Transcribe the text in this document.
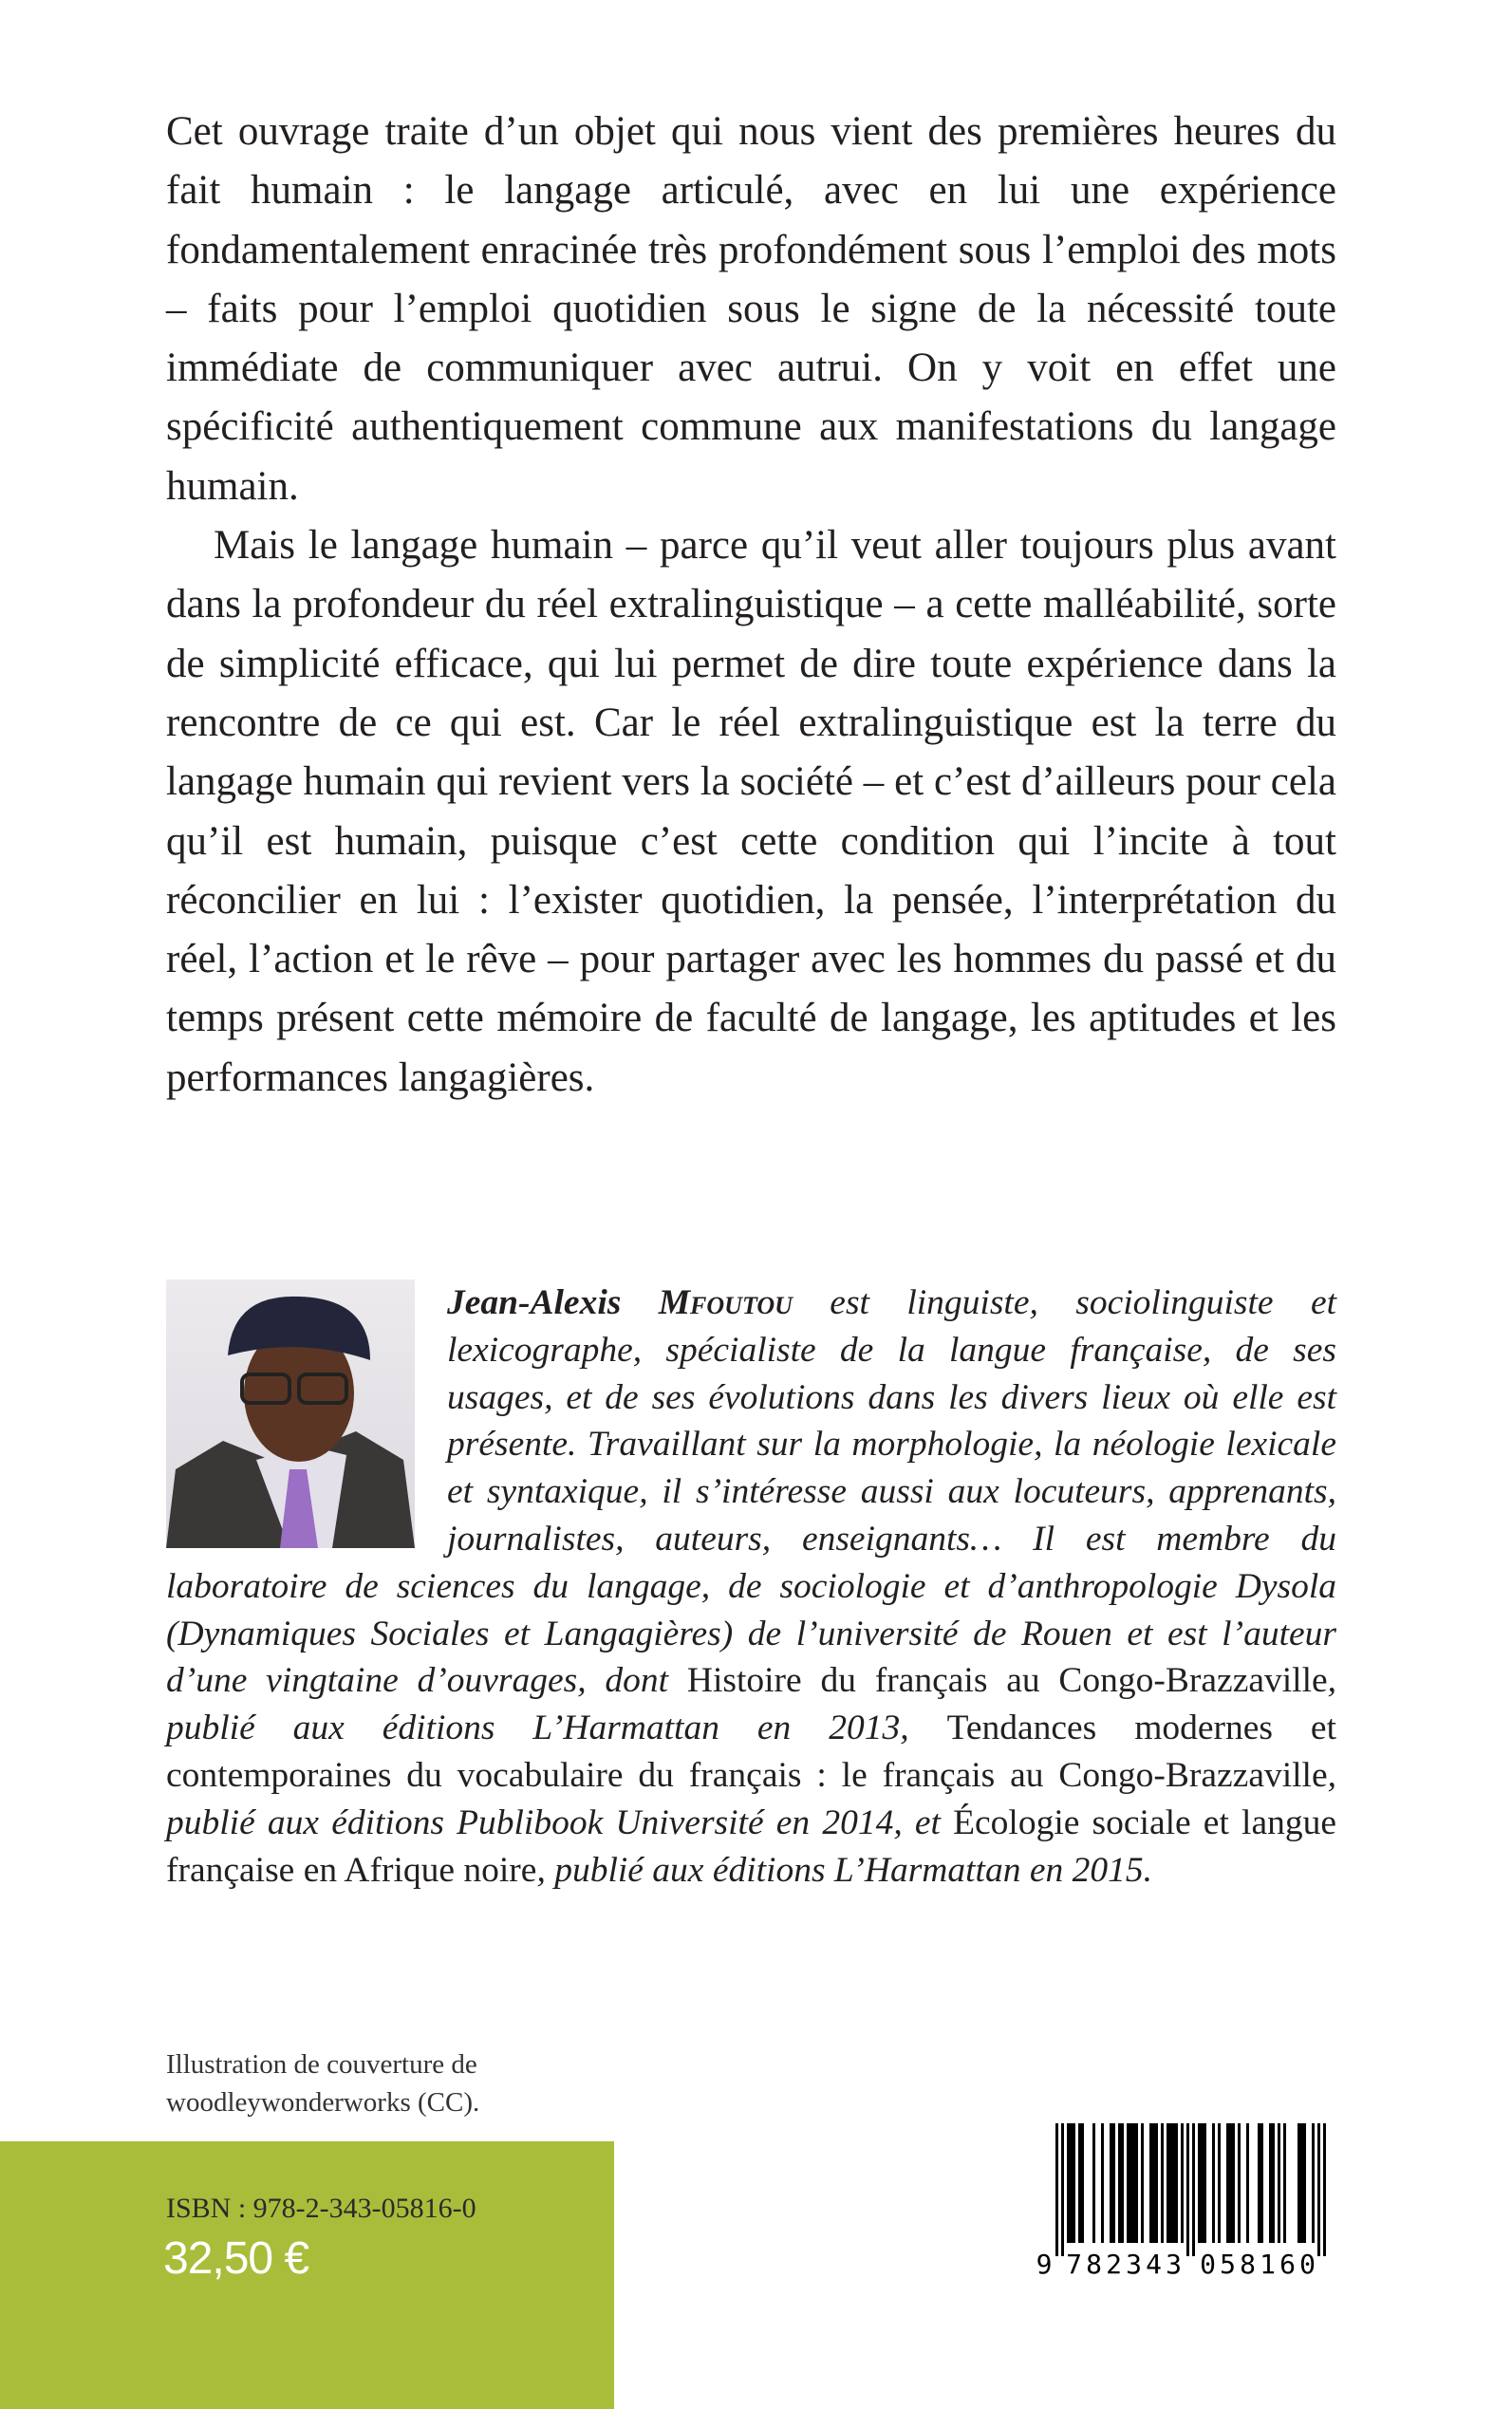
Cet ouvrage traite d’un objet qui nous vient des premières heures du fait humain : le langage articulé, avec en lui une expérience fondamentalement enracinée très profondément sous l’emploi des mots – faits pour l’emploi quotidien sous le signe de la nécessité toute immédiate de communiquer avec autrui. On y voit en effet une spécificité authentiquement commune aux manifestations du langage humain.

Mais le langage humain – parce qu’il veut aller toujours plus avant dans la profondeur du réel extralinguistique – a cette malléabilité, sorte de simplicité efficace, qui lui permet de dire toute expérience dans la rencontre de ce qui est. Car le réel extralinguistique est la terre du langage humain qui revient vers la société – et c’est d’ailleurs pour cela qu’il est humain, puisque c’est cette condition qui l’incite à tout réconcilier en lui : l’exister quotidien, la pensée, l’interprétation du réel, l’action et le rêve – pour partager avec les hommes du passé et du temps présent cette mémoire de faculté de langage, les aptitudes et les performances langagières.

Jean-Alexis Mfoutou est linguiste, sociolinguiste et lexicographe, spécialiste de la langue française, de ses usages, et de ses évolutions dans les divers lieux où elle est présente. Travaillant sur la morphologie, la néologie lexicale et syntaxique, il s’intéresse aussi aux locuteurs, apprenants, journalistes, auteurs, enseignants… Il est membre du laboratoire de sciences du langage, de sociologie et d’anthropologie Dysola (Dynamiques Sociales et Langagières) de l’université de Rouen et est l’auteur d’une vingtaine d’ouvrages, dont Histoire du français au Congo-Brazzaville, publié aux éditions L’Harmattan en 2013, Tendances modernes et contemporaines du vocabulaire du français : le français au Congo-Brazzaville, publié aux éditions Publibook Université en 2014, et Écologie sociale et langue française en Afrique noire, publié aux éditions L’Harmattan en 2015.
Illustration de couverture de
woodleywonderworks (CC).
ISBN : 978-2-343-05816-0
32,50 €	9 7 8 2 3 4 3 0 5 8 1 6 0
